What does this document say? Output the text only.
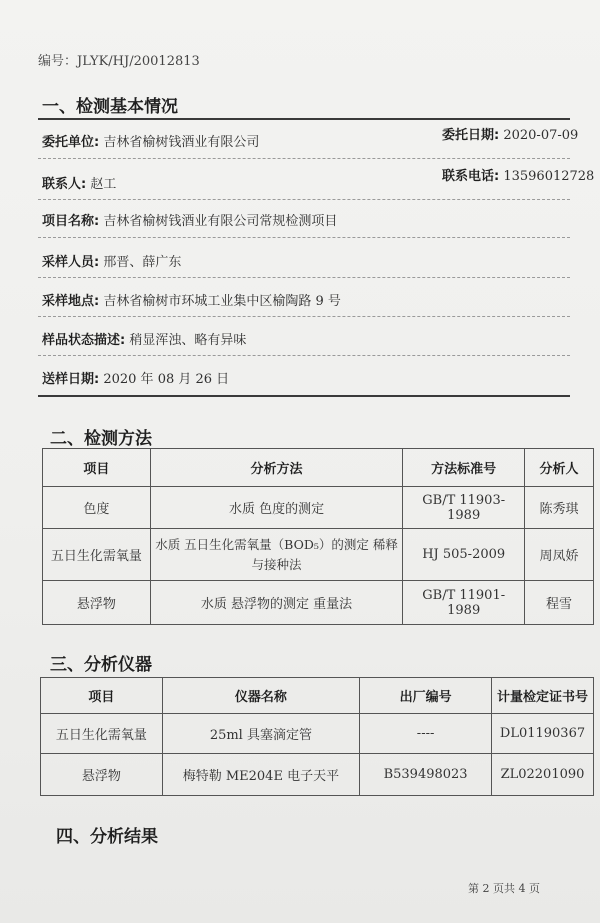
编号：JLYK/HJ/20012813
一、检测基本情况
委托单位: 吉林省榆树钱酒业有限公司	委托日期: 2020-07-09
联系人: 赵工
联系电话: 13596012728
项目名称: 吉林省榆树钱酒业有限公司常规检测项目
采样人员: 邢晋、薛广东
采样地点: 吉林省榆树市环城工业集中区榆陶路 9 号
样品状态描述: 稍显浑浊、略有异味
送样日期: 2020 年 08 月 26 日
二、检测方法
项目	分析方法	方法标准号	分析人
色度	水质 色度的测定	GB/T 11903-1989	陈秀琪
五日生化需氧量	水质 五日生化需氧量（BOD₅）的测定 稀释与接种法	HJ 505-2009	周凤娇
悬浮物	水质 悬浮物的测定 重量法	GB/T 11901-1989	程雪
三、分析仪器
项目	仪器名称	出厂编号	计量检定证书号
五日生化需氧量	25ml 具塞滴定管	----	DL01190367
悬浮物	梅特勒 ME204E 电子天平	B539498023	ZL02201090
四、分析结果
第 2 页共 4 页
